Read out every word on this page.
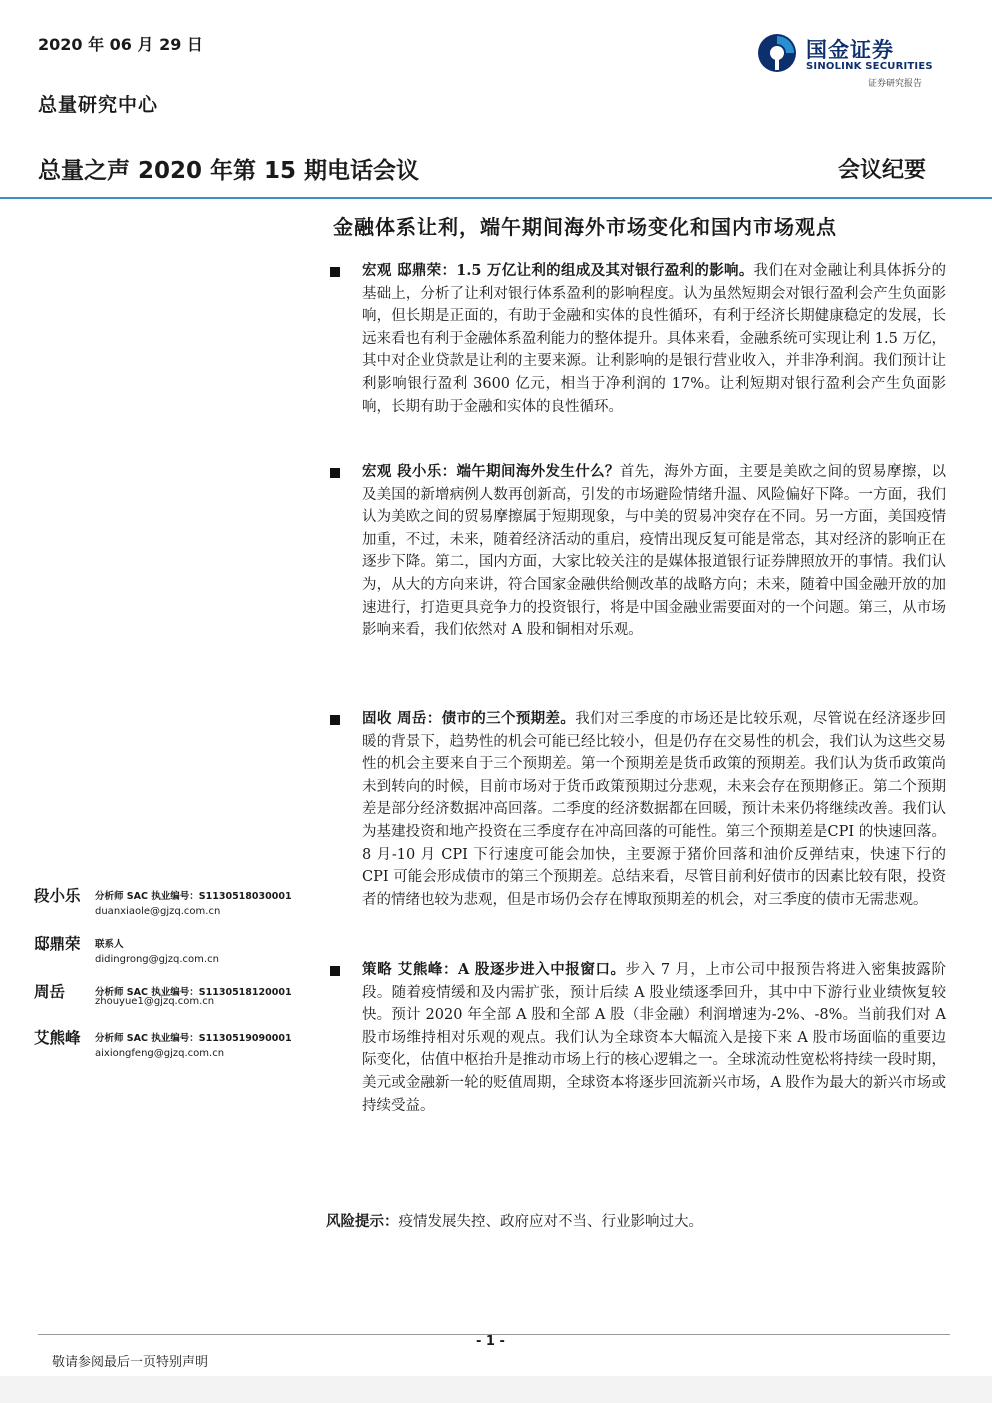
2020 年 06 月 29 日
总量研究中心
国金证券
SINOLINK SECURITIES
证券研究报告
总量之声 2020 年第 15 期电话会议	会议纪要
金融体系让利，端午期间海外市场变化和国内市场观点
宏观 邸鼎荣：1.5 万亿让利的组成及其对银行盈利的影响。我们在对金融让利具体拆分的基础上，分析了让利对银行体系盈利的影响程度。认为虽然短期会对银行盈利会产生负面影响，但长期是正面的，有助于金融和实体的良性循环，有利于经济长期健康稳定的发展，长远来看也有利于金融体系盈利能力的整体提升。具体来看，金融系统可实现让利 1.5 万亿，其中对企业贷款是让利的主要来源。让利影响的是银行营业收入，并非净利润。我们预计让利影响银行盈利 3600 亿元，相当于净利润的 17%。让利短期对银行盈利会产生负面影响，长期有助于金融和实体的良性循环。
宏观 段小乐：端午期间海外发生什么？首先，海外方面，主要是美欧之间的贸易摩擦，以及美国的新增病例人数再创新高，引发的市场避险情绪升温、风险偏好下降。一方面，我们认为美欧之间的贸易摩擦属于短期现象，与中美的贸易冲突存在不同。另一方面，美国疫情加重，不过，未来，随着经济活动的重启，疫情出现反复可能是常态，其对经济的影响正在逐步下降。第二，国内方面，大家比较关注的是媒体报道银行证券牌照放开的事情。我们认为，从大的方向来讲，符合国家金融供给侧改革的战略方向；未来，随着中国金融开放的加速进行，打造更具竞争力的投资银行，将是中国金融业需要面对的一个问题。第三，从市场影响来看，我们依然对 A 股和铜相对乐观。
固收 周岳：债市的三个预期差。我们对三季度的市场还是比较乐观，尽管说在经济逐步回暖的背景下，趋势性的机会可能已经比较小，但是仍存在交易性的机会，我们认为这些交易性的机会主要来自于三个预期差。第一个预期差是货币政策的预期差。我们认为货币政策尚未到转向的时候，目前市场对于货币政策预期过分悲观，未来会存在预期修正。第二个预期差是部分经济数据冲高回落。二季度的经济数据都在回暖，预计未来仍将继续改善。我们认为基建投资和地产投资在三季度存在冲高回落的可能性。第三个预期差是CPI 的快速回落。8 月-10 月 CPI 下行速度可能会加快，主要源于猪价回落和油价反弹结束，快速下行的 CPI 可能会形成债市的第三个预期差。总结来看，尽管目前利好债市的因素比较有限，投资者的情绪也较为悲观，但是市场仍会存在博取预期差的机会，对三季度的债市无需悲观。
策略 艾熊峰：A 股逐步进入中报窗口。步入 7 月，上市公司中报预告将进入密集披露阶段。随着疫情缓和及内需扩张，预计后续 A 股业绩逐季回升，其中中下游行业业绩恢复较快。预计 2020 年全部 A 股和全部 A 股（非金融）利润增速为-2%、-8%。当前我们对 A 股市场维持相对乐观的观点。我们认为全球资本大幅流入是接下来 A 股市场面临的重要边际变化，估值中枢抬升是推动市场上行的核心逻辑之一。全球流动性宽松将持续一段时期，美元或金融新一轮的贬值周期，全球资本将逐步回流新兴市场，A 股作为最大的新兴市场或持续受益。
段小乐 分析师 SAC 执业编号：S1130518030001
duanxiaole@gjzq.com.cn
邸鼎荣 联系人
didingrong@gjzq.com.cn
周岳	分析师 SAC 执业编号：S1130518120001
zhouyue1@gjzq.com.cn
艾熊峰 分析师 SAC 执业编号：S1130519090001
aixiongfeng@gjzq.com.cn
风险提示：疫情发展失控、政府应对不当、行业影响过大。
- 1 -
敬请参阅最后一页特别声明
